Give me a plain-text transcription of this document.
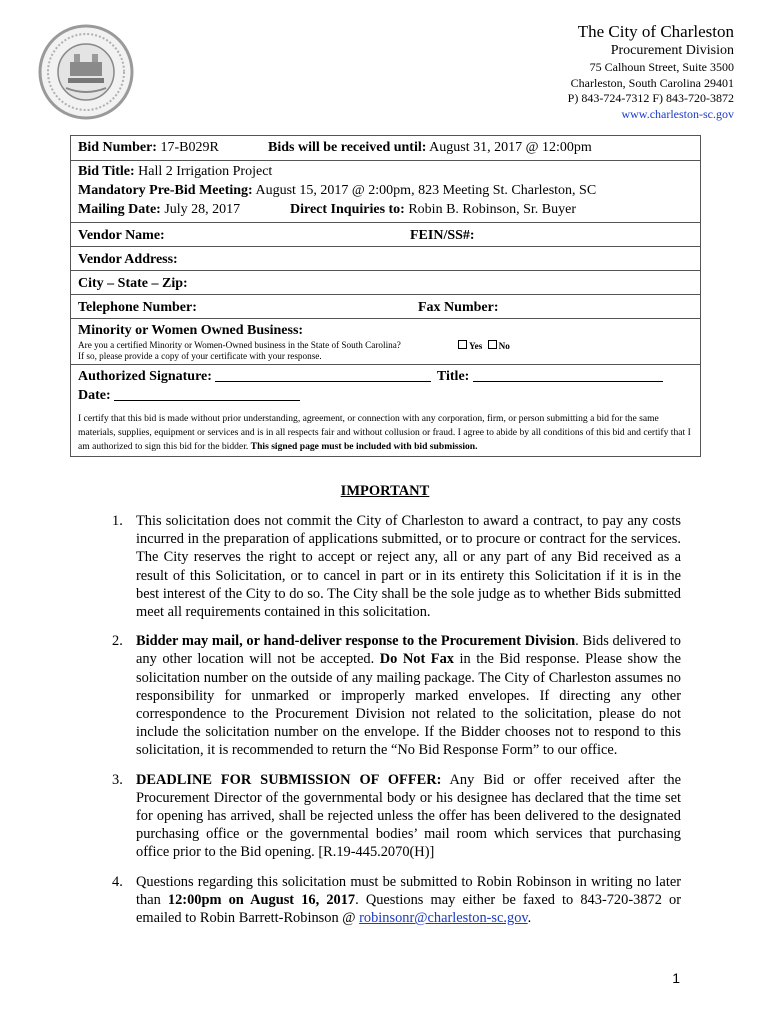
The City of Charleston
Procurement Division
75 Calhoun Street, Suite 3500
Charleston, South Carolina 29401
P) 843-724-7312 F) 843-720-3872
www.charleston-sc.gov
Bid Number: 17-B029R	Bids will be received until: August 31, 2017 @ 12:00pm
Bid Title: Hall 2 Irrigation Project
Mandatory Pre-Bid Meeting: August 15, 2017 @ 2:00pm, 823 Meeting St. Charleston, SC
Mailing Date: July 28, 2017	Direct Inquiries to: Robin B. Robinson, Sr. Buyer
Vendor Name:	FEIN/SS#:
Vendor Address:
City – State – Zip:
Telephone Number:	Fax Number:
Minority or Women Owned Business:
Are you a certified Minority or Women-Owned business in the State of South Carolina?	Yes No
If so, please provide a copy of your certificate with your response.
Authorized Signature:	Title:
Date:
I certify that this bid is made without prior understanding, agreement, or connection with any corporation, firm, or person submitting a bid for the same materials, supplies, equipment or services and is in all respects fair and without collusion or fraud. I agree to abide by all conditions of this bid and certify that I am authorized to sign this bid for the bidder. This signed page must be included with bid submission.
IMPORTANT
1. This solicitation does not commit the City of Charleston to award a contract, to pay any costs incurred in the preparation of applications submitted, or to procure or contract for the services. The City reserves the right to accept or reject any, all or any part of any Bid received as a result of this Solicitation, or to cancel in part or in its entirety this Solicitation if it is in the best interest of the City to do so. The City shall be the sole judge as to whether Bids submitted meet all requirements contained in this solicitation.
2. Bidder may mail, or hand-deliver response to the Procurement Division. Bids delivered to any other location will not be accepted. Do Not Fax in the Bid response. Please show the solicitation number on the outside of any mailing package. The City of Charleston assumes no responsibility for unmarked or improperly marked envelopes. If directing any other correspondence to the Procurement Division not related to the solicitation, please do not include the solicitation number on the envelope. If the Bidder chooses not to respond to this solicitation, it is recommended to return the “No Bid Response Form” to our office.
3. DEADLINE FOR SUBMISSION OF OFFER: Any Bid or offer received after the Procurement Director of the governmental body or his designee has declared that the time set for opening has arrived, shall be rejected unless the offer has been delivered to the designated purchasing office or the governmental bodies’ mail room which services that purchasing office prior to the Bid opening. [R.19-445.2070(H)]
4. Questions regarding this solicitation must be submitted to Robin Robinson in writing no later than 12:00pm on August 16, 2017. Questions may either be faxed to 843-720-3872 or emailed to Robin Barrett-Robinson @ robinsonr@charleston-sc.gov.
1
